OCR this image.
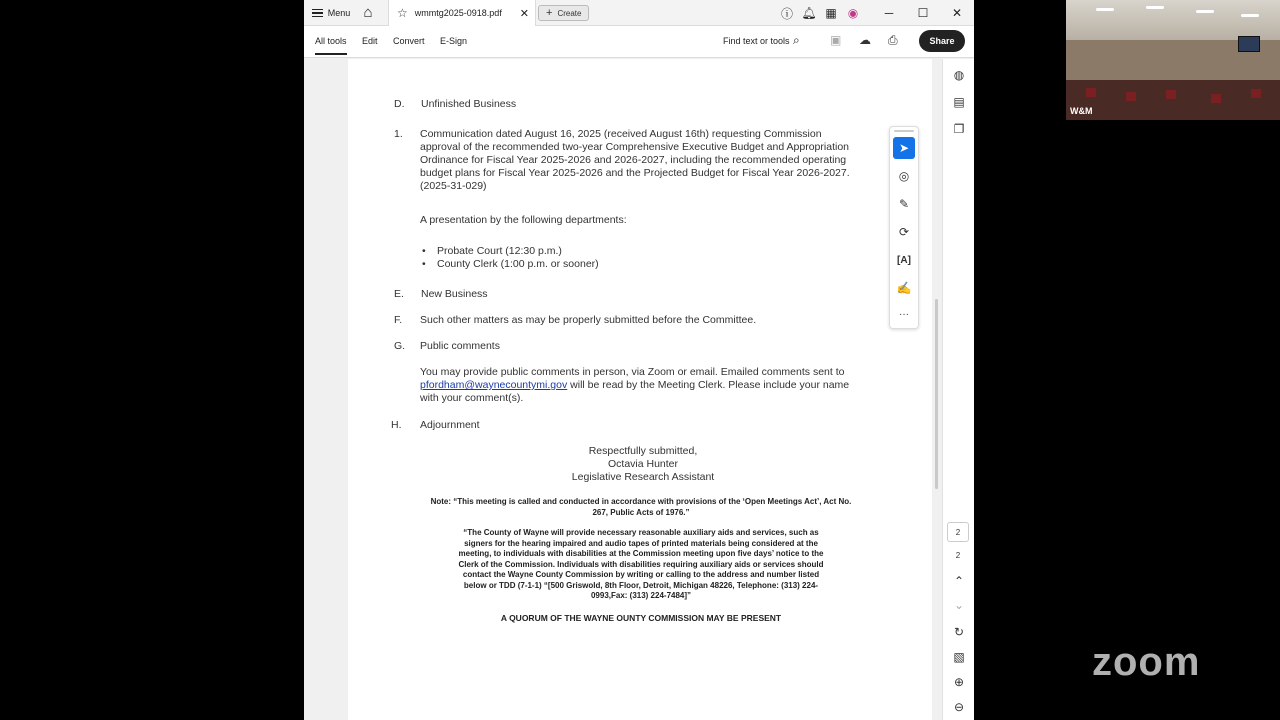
Menu ⌂ ☆ wmmtg2025-0918.pdf ✕ + Create	ⓘ 🔔︎ ▦ ◉	─	☐	✕
All tools Edit Convert E-Sign	Find text or tools ⌕	▣ ☁ ⎙	Share
D. Unfinished Business
1. Communication dated August 16, 2025 (received August 16th) requesting Commission
approval of the recommended two-year Comprehensive Executive Budget and Appropriation
Ordinance for Fiscal Year 2025-2026 and 2026-2027, including the recommended operating
budget plans for Fiscal Year 2025-2026 and the Projected Budget for Fiscal Year 2026-2027.
(2025-31-029)
A presentation by the following departments:
• Probate Court (12:30 p.m.)
• County Clerk (1:00 p.m. or sooner)
E. New Business
F. Such other matters as may be properly submitted before the Committee.
G. Public comments
You may provide public comments in person, via Zoom or email. Emailed comments sent to
pfordham@waynecountymi.gov will be read by the Meeting Clerk. Please include your name
with your comment(s).
H. Adjournment
Respectfully submitted,
Octavia Hunter
Legislative Research Assistant
Note: “This meeting is called and conducted in accordance with provisions of the ‘Open Meetings Act’, Act No.
267, Public Acts of 1976.”
“The County of Wayne will provide necessary reasonable auxiliary aids and services, such as
signers for the hearing impaired and audio tapes of printed materials being considered at the
meeting, to individuals with disabilities at the Commission meeting upon five days’ notice to the
Clerk of the Commission. Individuals with disabilities requiring auxiliary aids or services should
contact the Wayne County Commission by writing or calling to the address and number listed
below or TDD (7-1-1) “[500 Griswold, 8th Floor, Detroit, Michigan 48226, Telephone: (313) 224-
0993,Fax: (313) 224-7484]”
A QUORUM OF THE WAYNE OUNTY COMMISSION MAY BE PRESENT
➤
◎
✎
⟳
[A]
✍
···
◍
▤
❐
2
2
⌃
⌄
↻
▧
⊕
⊖
W&M
zoom
